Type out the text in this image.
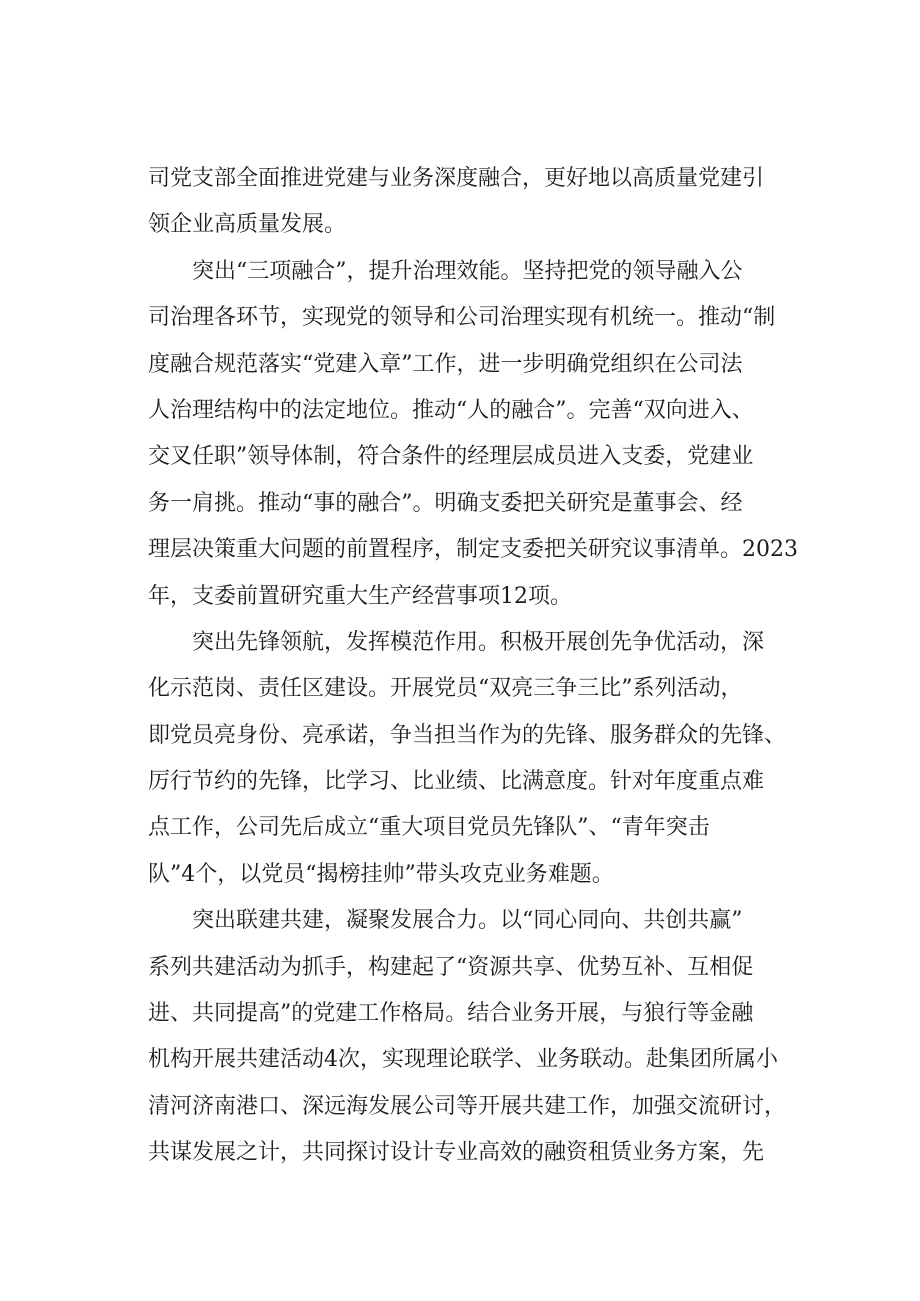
司党支部全面推进党建与业务深度融合，更好地以高质量党建引
领企业高质量发展。

突出“三项融合”，提升治理效能。坚持把党的领导融入公
司治理各环节，实现党的领导和公司治理实现有机统一。推动“制
度融合规范落实“党建入章”工作，进一步明确党组织在公司法
人治理结构中的法定地位。推动“人的融合”。完善“双向进入、
交叉任职”领导体制，符合条件的经理层成员进入支委，党建业
务一肩挑。推动“事的融合”。明确支委把关研究是董事会、经
理层决策重大问题的前置程序，制定支委把关研究议事清单。2023
年，支委前置研究重大生产经营事项12项。

突出先锋领航，发挥模范作用。积极开展创先争优活动，深
化示范岗、责任区建设。开展党员“双亮三争三比”系列活动，
即党员亮身份、亮承诺，争当担当作为的先锋、服务群众的先锋、
厉行节约的先锋，比学习、比业绩、比满意度。针对年度重点难
点工作，公司先后成立“重大项目党员先锋队”、“青年突击
队”4个，以党员“揭榜挂帅”带头攻克业务难题。

突出联建共建，凝聚发展合力。以“同心同向、共创共赢”
系列共建活动为抓手，构建起了“资源共享、优势互补、互相促
进、共同提高”的党建工作格局。结合业务开展，与狼行等金融
机构开展共建活动4次，实现理论联学、业务联动。赴集团所属小
清河济南港口、深远海发展公司等开展共建工作，加强交流研讨，
共谋发展之计，共同探讨设计专业高效的融资租赁业务方案，先
